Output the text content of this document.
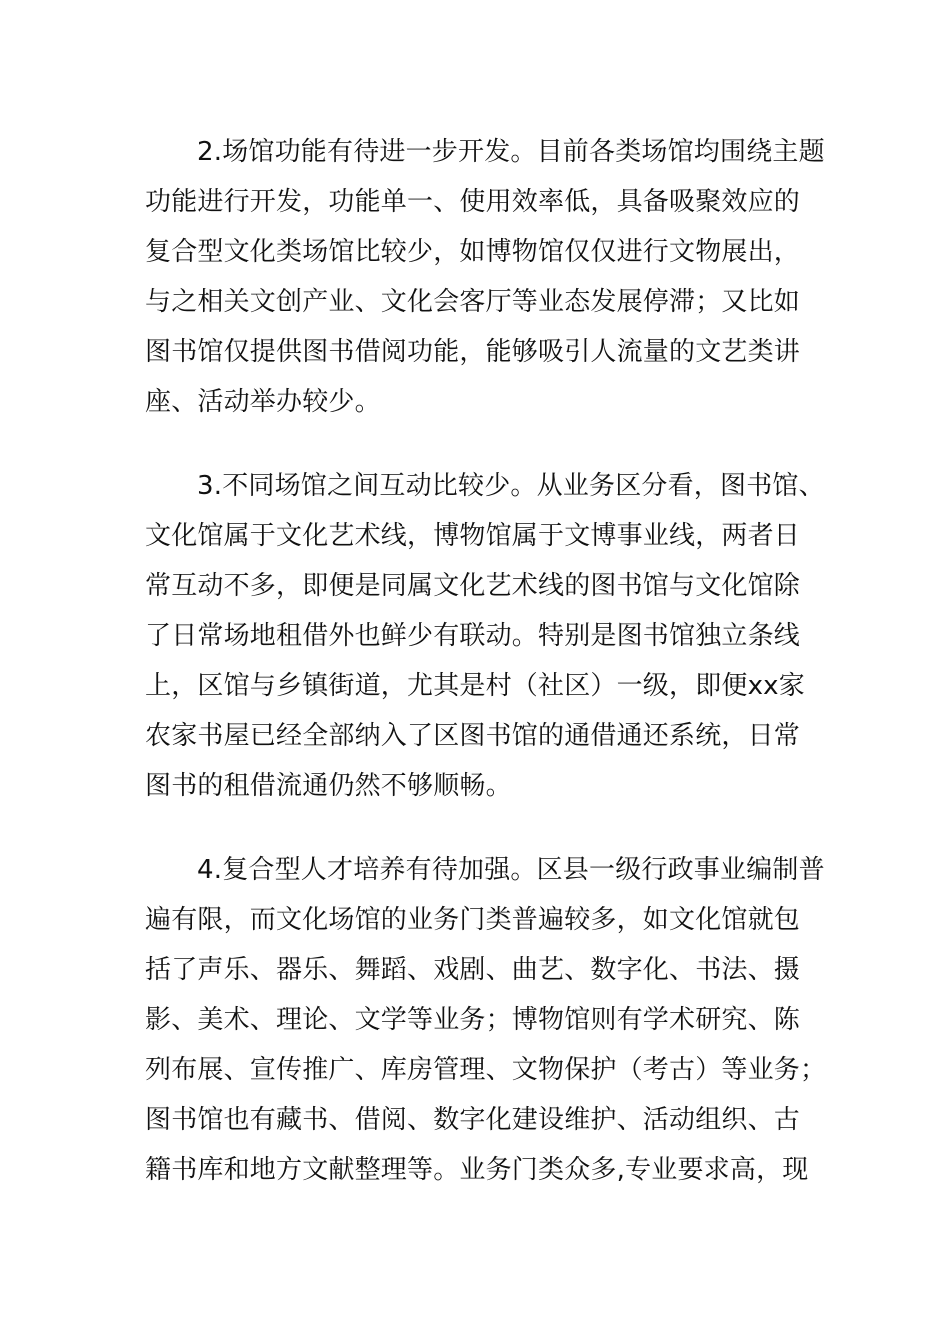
2.场馆功能有待进一步开发。目前各类场馆均围绕主题
功能进行开发，功能单一、使用效率低，具备吸聚效应的
复合型文化类场馆比较少，如博物馆仅仅进行文物展出，
与之相关文创产业、文化会客厅等业态发展停滞；又比如
图书馆仅提供图书借阅功能，能够吸引人流量的文艺类讲
座、活动举办较少。
3.不同场馆之间互动比较少。从业务区分看，图书馆、
文化馆属于文化艺术线，博物馆属于文博事业线，两者日
常互动不多，即便是同属文化艺术线的图书馆与文化馆除
了日常场地租借外也鲜少有联动。特别是图书馆独立条线
上，区馆与乡镇街道，尤其是村（社区）一级，即便xx家
农家书屋已经全部纳入了区图书馆的通借通还系统，日常
图书的租借流通仍然不够顺畅。
4.复合型人才培养有待加强。区县一级行政事业编制普
遍有限，而文化场馆的业务门类普遍较多，如文化馆就包
括了声乐、器乐、舞蹈、戏剧、曲艺、数字化、书法、摄
影、美术、理论、文学等业务；博物馆则有学术研究、陈
列布展、宣传推广、库房管理、文物保护（考古）等业务；
图书馆也有藏书、借阅、数字化建设维护、活动组织、古
籍书库和地方文献整理等。业务门类众多,专业要求高，现
